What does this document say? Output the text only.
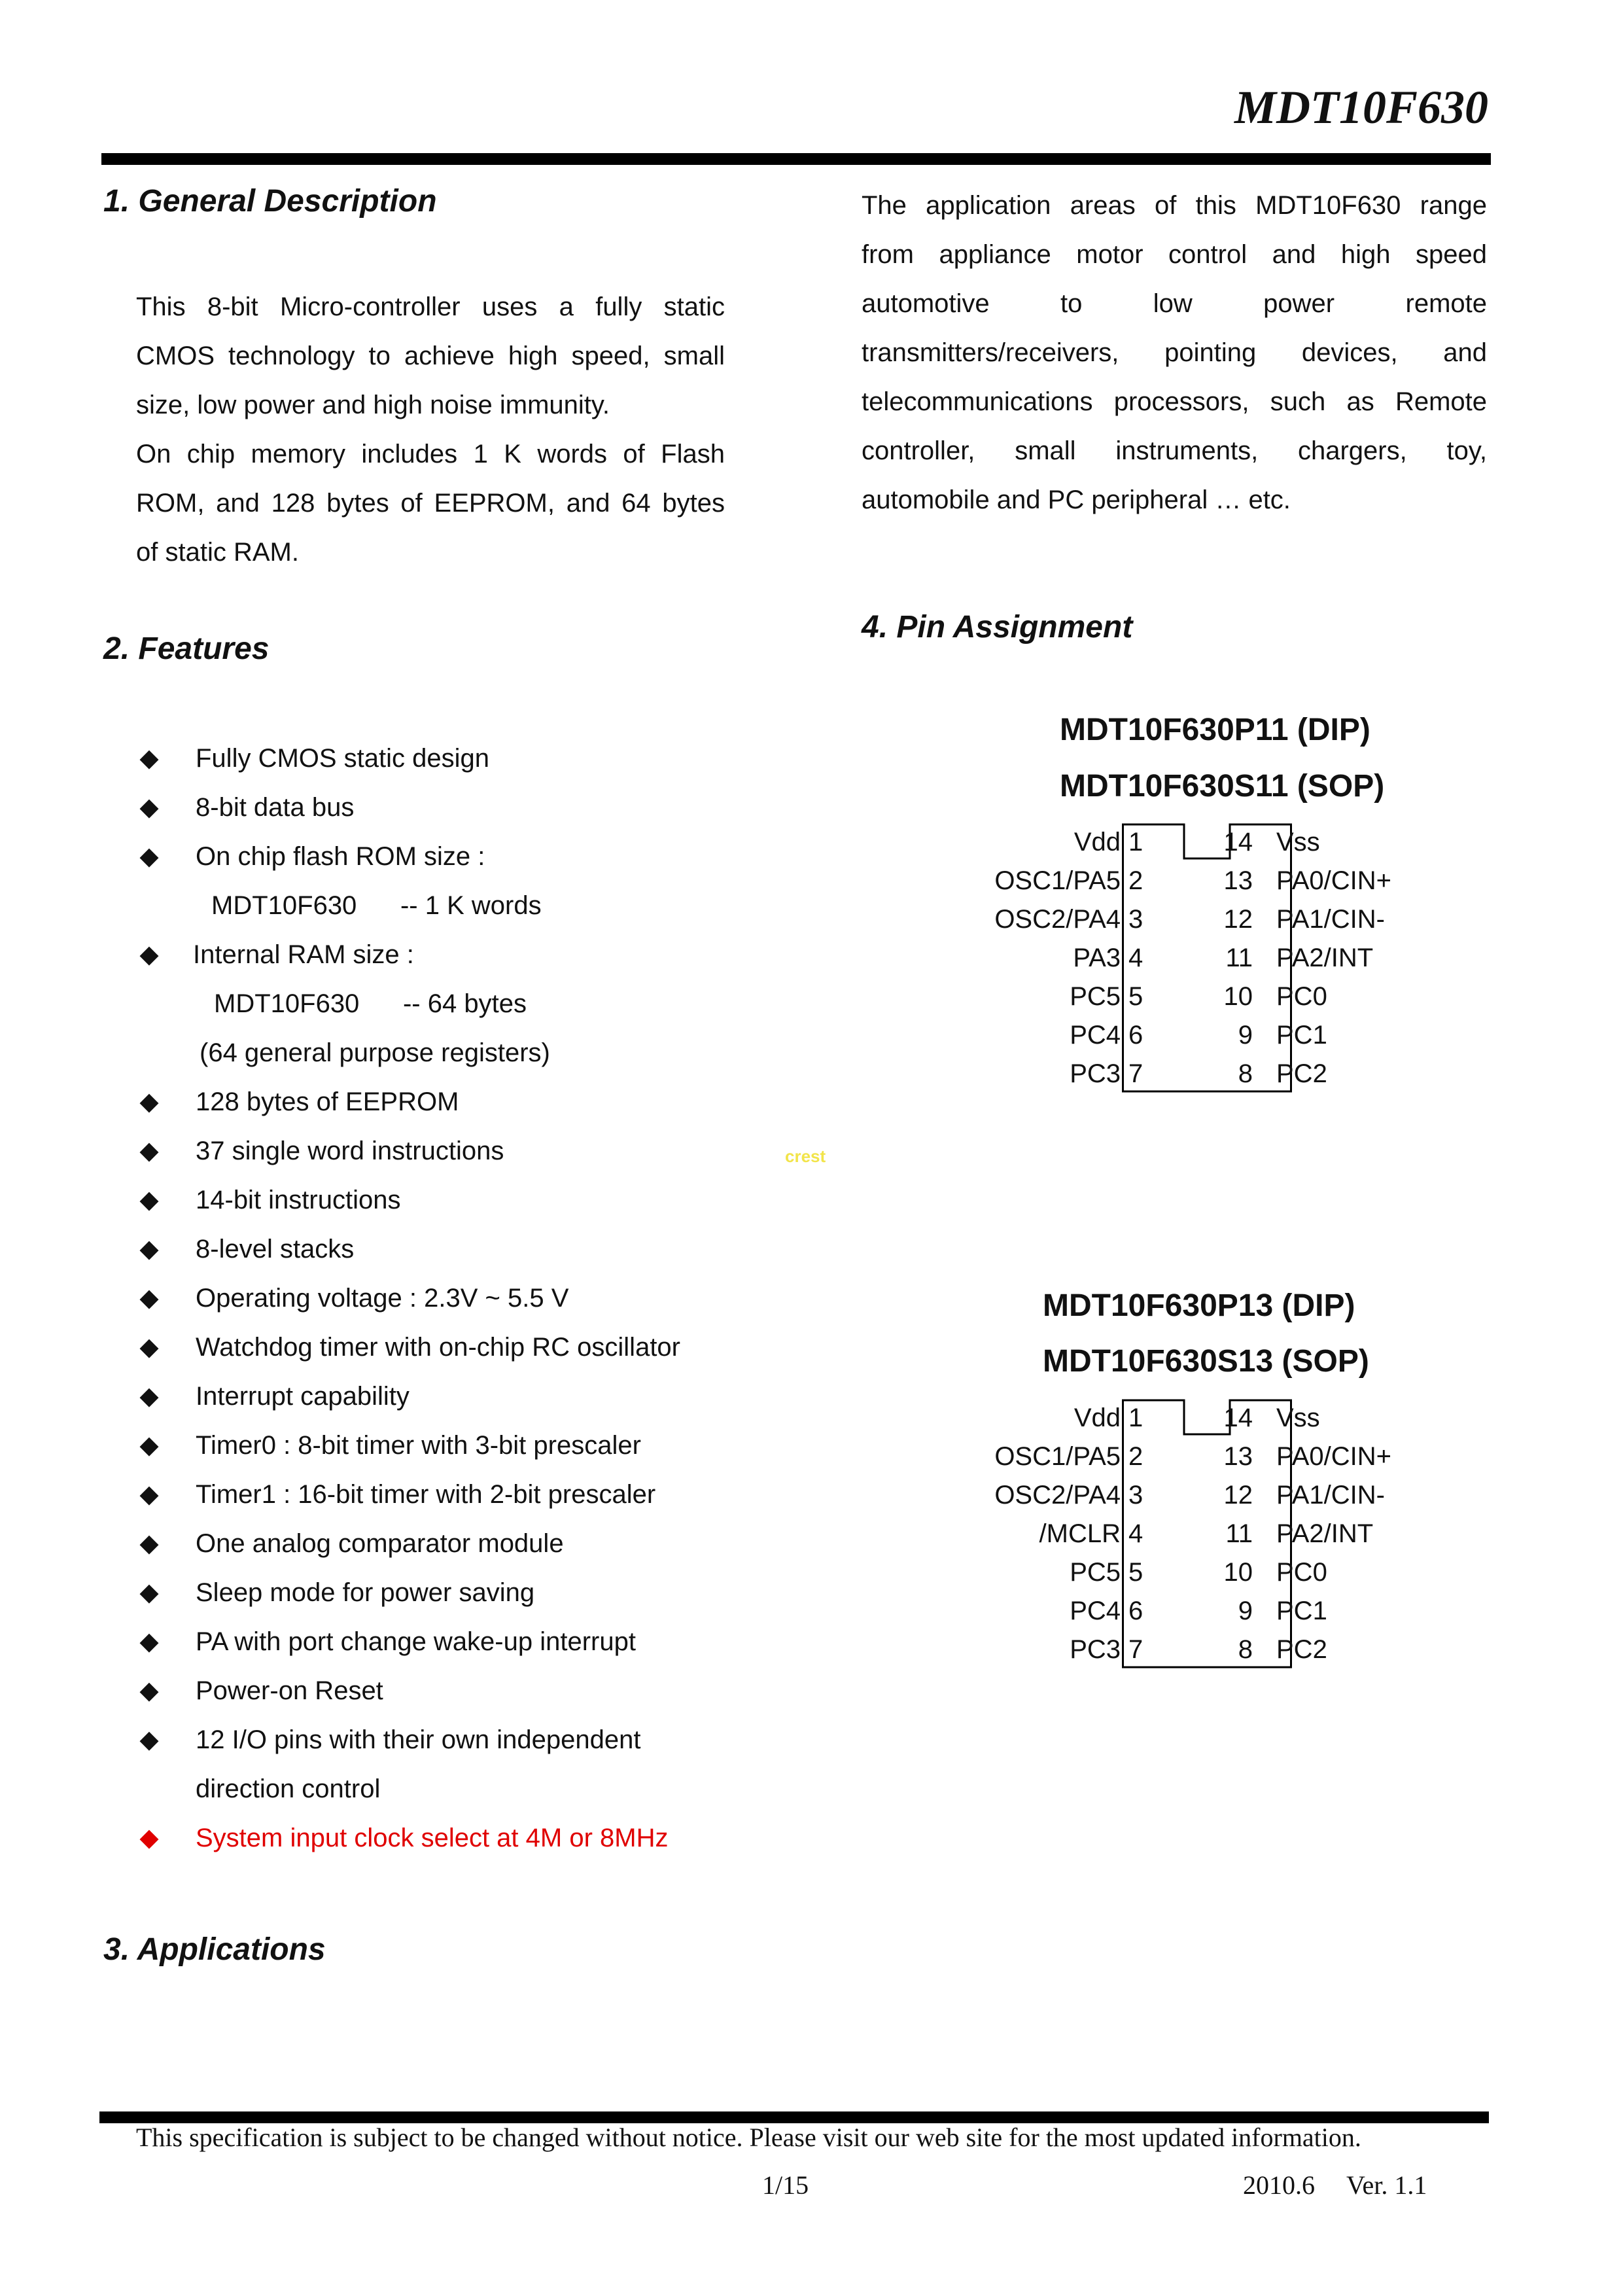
MDT10F630
1. General Description
This 8-bit Micro-controller uses a fully static
CMOS technology to achieve high speed, small
size, low power and high noise immunity.
On chip memory includes 1 K words of Flash
ROM, and 128 bytes of EEPROM, and 64 bytes
of static RAM.
2. Features
◆ Fully CMOS static design
◆ 8-bit data bus
◆ On chip flash ROM size :
MDT10F630      -- 1 K words
◆ Internal RAM size :
MDT10F630      -- 64 bytes
(64 general purpose registers)
◆ 128 bytes of EEPROM
◆ 37 single word instructions
◆ 14-bit instructions
◆ 8-level stacks
◆ Operating voltage : 2.3V ~ 5.5 V
◆ Watchdog timer with on-chip RC oscillator
◆ Interrupt capability
◆ Timer0 : 8-bit timer with 3-bit prescaler
◆ Timer1 : 16-bit timer with 2-bit prescaler
◆ One analog comparator module
◆ Sleep mode for power saving
◆ PA with port change wake-up interrupt
◆ Power-on Reset
◆ 12 I/O pins with their own independent
direction control
◆ System input clock select at 4M or 8MHz
3. Applications
The application areas of this MDT10F630 range
from appliance motor control and high speed
automotive to low power remote
transmitters/receivers, pointing devices, and
telecommunications processors, such as Remote
controller, small instruments, chargers, toy,
automobile and PC peripheral … etc.
4. Pin Assignment
MDT10F630P11 (DIP)
MDT10F630S11 (SOP)
Vdd 1	14 Vss
OSC1/PA5 2	13 PA0/CIN+
OSC2/PA4 3	12 PA1/CIN-
PA3 4	11 PA2/INT
PC5 5	10 PC0
PC4 6	9 PC1
PC3 7	8 PC2
MDT10F630P13 (DIP)
MDT10F630S13 (SOP)
Vdd 1	14 Vss
OSC1/PA5 2	13 PA0/CIN+
OSC2/PA4 3	12 PA1/CIN-
/MCLR 4	11 PA2/INT
PC5 5	10 PC0
PC4 6	9 PC1
PC3 7	8 PC2
crest
This specification is subject to be changed without notice. Please visit our web site for the most updated information.
1/15	2010.6 Ver. 1.1
